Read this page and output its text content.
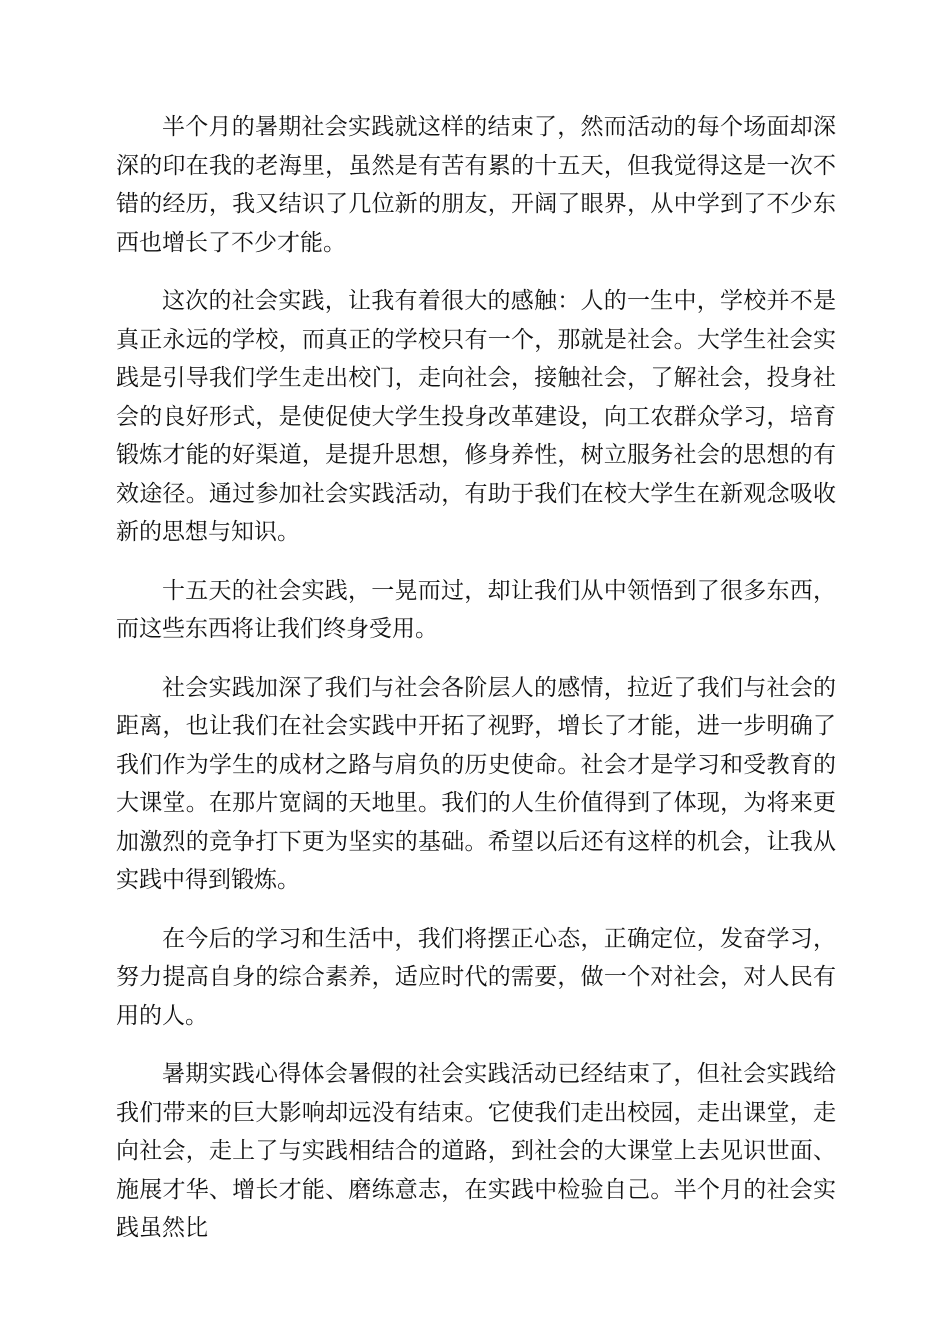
半个月的暑期社会实践就这样的结束了，然而活动的每个场面却深深的印在我的老海里，虽然是有苦有累的十五天，但我觉得这是一次不错的经历，我又结识了几位新的朋友，开阔了眼界，从中学到了不少东西也增长了不少才能。

这次的社会实践，让我有着很大的感触：人的一生中，学校并不是真正永远的学校，而真正的学校只有一个，那就是社会。大学生社会实践是引导我们学生走出校门，走向社会，接触社会，了解社会，投身社会的良好形式，是使促使大学生投身改革建设，向工农群众学习，培育锻炼才能的好渠道，是提升思想，修身养性，树立服务社会的思想的有效途径。通过参加社会实践活动，有助于我们在校大学生在新观念吸收新的思想与知识。

十五天的社会实践，一晃而过，却让我们从中领悟到了很多东西，而这些东西将让我们终身受用。

社会实践加深了我们与社会各阶层人的感情，拉近了我们与社会的距离，也让我们在社会实践中开拓了视野，增长了才能，进一步明确了我们作为学生的成材之路与肩负的历史使命。社会才是学习和受教育的大课堂。在那片宽阔的天地里。我们的人生价值得到了体现，为将来更加激烈的竞争打下更为坚实的基础。希望以后还有这样的机会，让我从实践中得到锻炼。

在今后的学习和生活中，我们将摆正心态，正确定位，发奋学习，努力提高自身的综合素养，适应时代的需要，做一个对社会，对人民有用的人。

暑期实践心得体会暑假的社会实践活动已经结束了，但社会实践给我们带来的巨大影响却远没有结束。它使我们走出校园，走出课堂，走向社会，走上了与实践相结合的道路，到社会的大课堂上去见识世面、施展才华、增长才能、磨练意志，在实践中检验自己。半个月的社会实践虽然比
